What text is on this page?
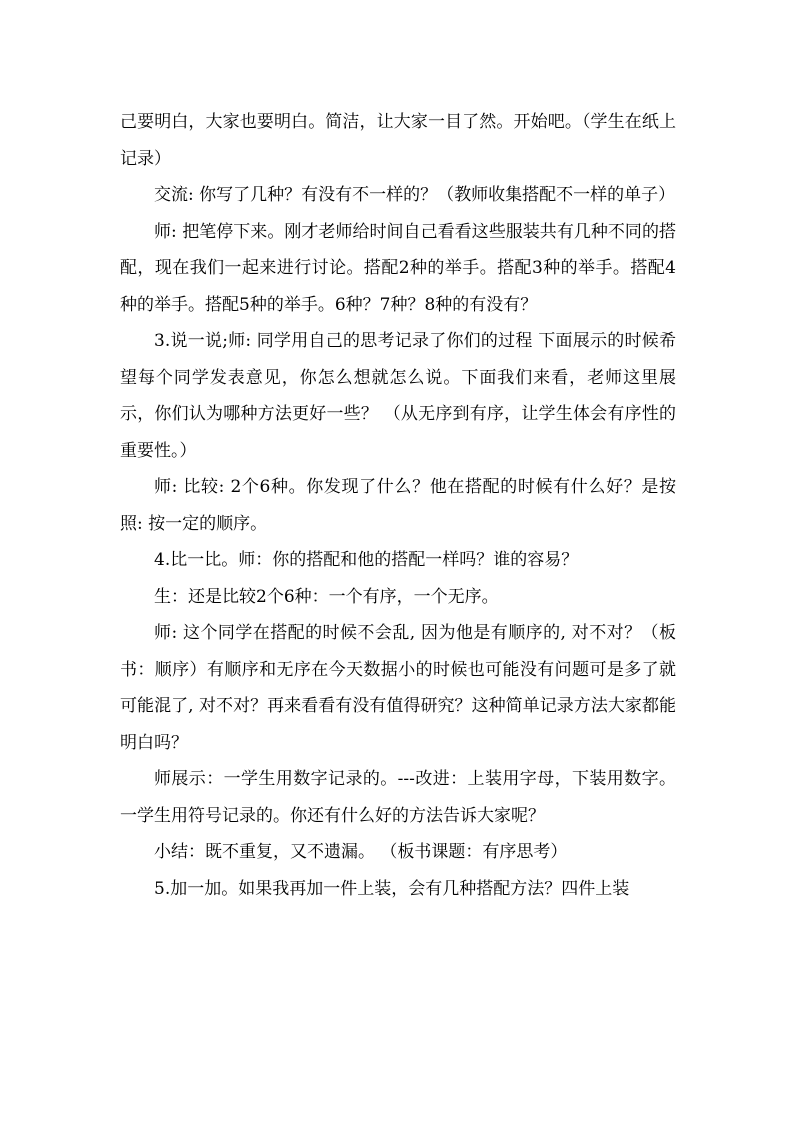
己要明白，大家也要明白。简洁，让大家一目了然。开始吧。（学生在纸上记录）

交流: 你写了几种？有没有不一样的？（教师收集搭配不一样的单子）

师: 把笔停下来。刚才老师给时间自己看看这些服装共有几种不同的搭配，现在我们一起来进行讨论。搭配2种的举手。搭配3种的举手。搭配4种的举手。搭配5种的举手。6种？7种？8种的有没有？

3.说一说;师: 同学用自己的思考记录了你们的过程 下面展示的时候希望每个同学发表意见，你怎么想就怎么说。下面我们来看，老师这里展示，你们认为哪种方法更好一些？ （从无序到有序，让学生体会有序性的重要性。）

师: 比较: 2个6种。你发现了什么？他在搭配的时候有什么好？是按照: 按一定的顺序。

4.比一比。师：你的搭配和他的搭配一样吗？谁的容易？

生：还是比较2个6种：一个有序，一个无序。

师: 这个同学在搭配的时候不会乱, 因为他是有顺序的, 对不对？（板书：顺序）有顺序和无序在今天数据小的时候也可能没有问题可是多了就可能混了, 对不对？再来看看有没有值得研究？这种简单记录方法大家都能明白吗？

师展示：一学生用数字记录的。---改进：上装用字母，下装用数字。 一学生用符号记录的。你还有什么好的方法告诉大家呢？

小结：既不重复，又不遗漏。 （板书课题：有序思考）

5.加一加。如果我再加一件上装，会有几种搭配方法？四件上装
